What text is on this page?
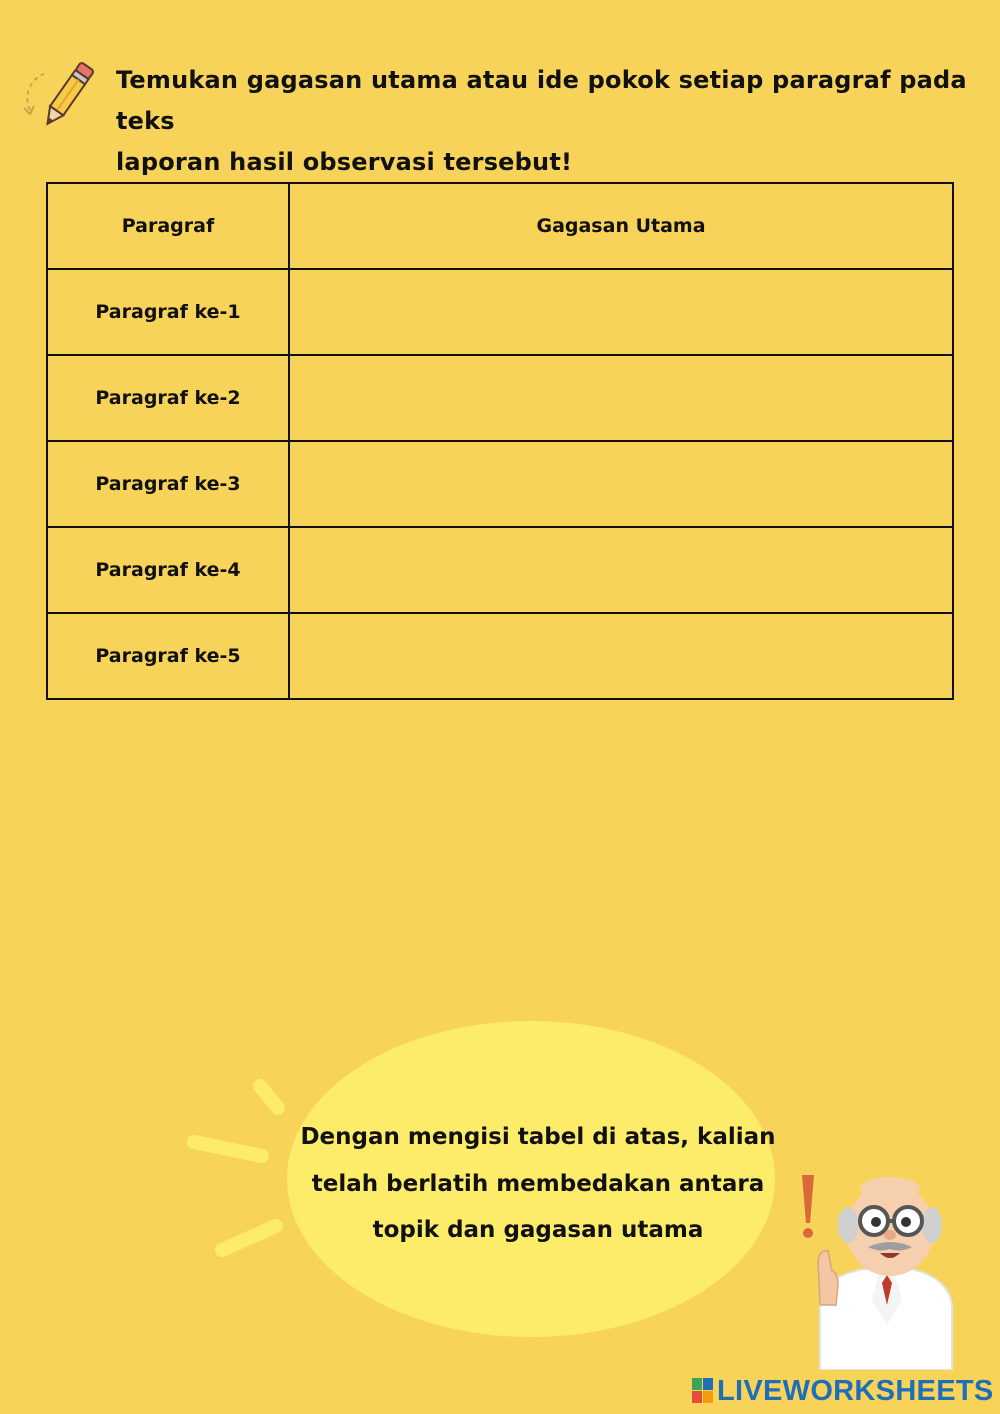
Temukan gagasan utama atau ide pokok setiap paragraf pada teks
laporan hasil observasi tersebut!
Paragraf	Gagasan Utama
Paragraf ke-1	

Paragraf ke-2	

Paragraf ke-3	

Paragraf ke-4	

Paragraf ke-5	
Dengan mengisi tabel di atas, kalian
telah berlatih membedakan antara
topik dan gagasan utama
LIVEWORKSHEETS
